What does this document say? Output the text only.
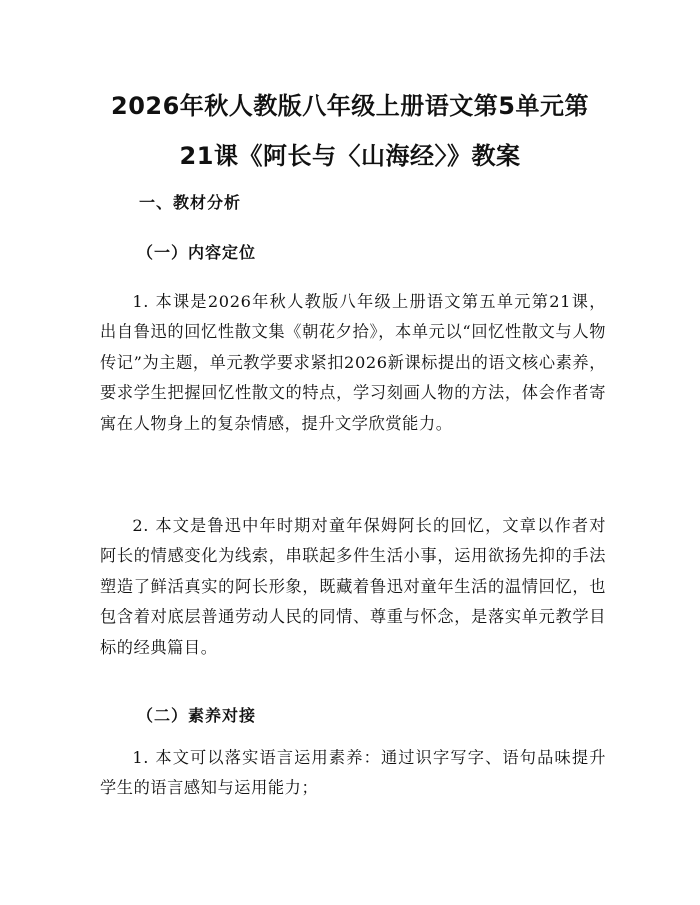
2026年秋人教版八年级上册语文第5单元第
21课《阿长与〈山海经〉》教案
一、教材分析
（一）内容定位

1. 本课是2026年秋人教版八年级上册语文第五单元第21课，出自鲁迅的回忆性散文集《朝花夕拾》，本单元以“回忆性散文与人物传记”为主题，单元教学要求紧扣2026新课标提出的语文核心素养，要求学生把握回忆性散文的特点，学习刻画人物的方法，体会作者寄寓在人物身上的复杂情感，提升文学欣赏能力。

2. 本文是鲁迅中年时期对童年保姆阿长的回忆，文章以作者对阿长的情感变化为线索，串联起多件生活小事，运用欲扬先抑的手法塑造了鲜活真实的阿长形象，既藏着鲁迅对童年生活的温情回忆，也包含着对底层普通劳动人民的同情、尊重与怀念，是落实单元教学目标的经典篇目。

（二）素养对接

1. 本文可以落实语言运用素养：通过识字写字、语句品味提升学生的语言感知与运用能力；
